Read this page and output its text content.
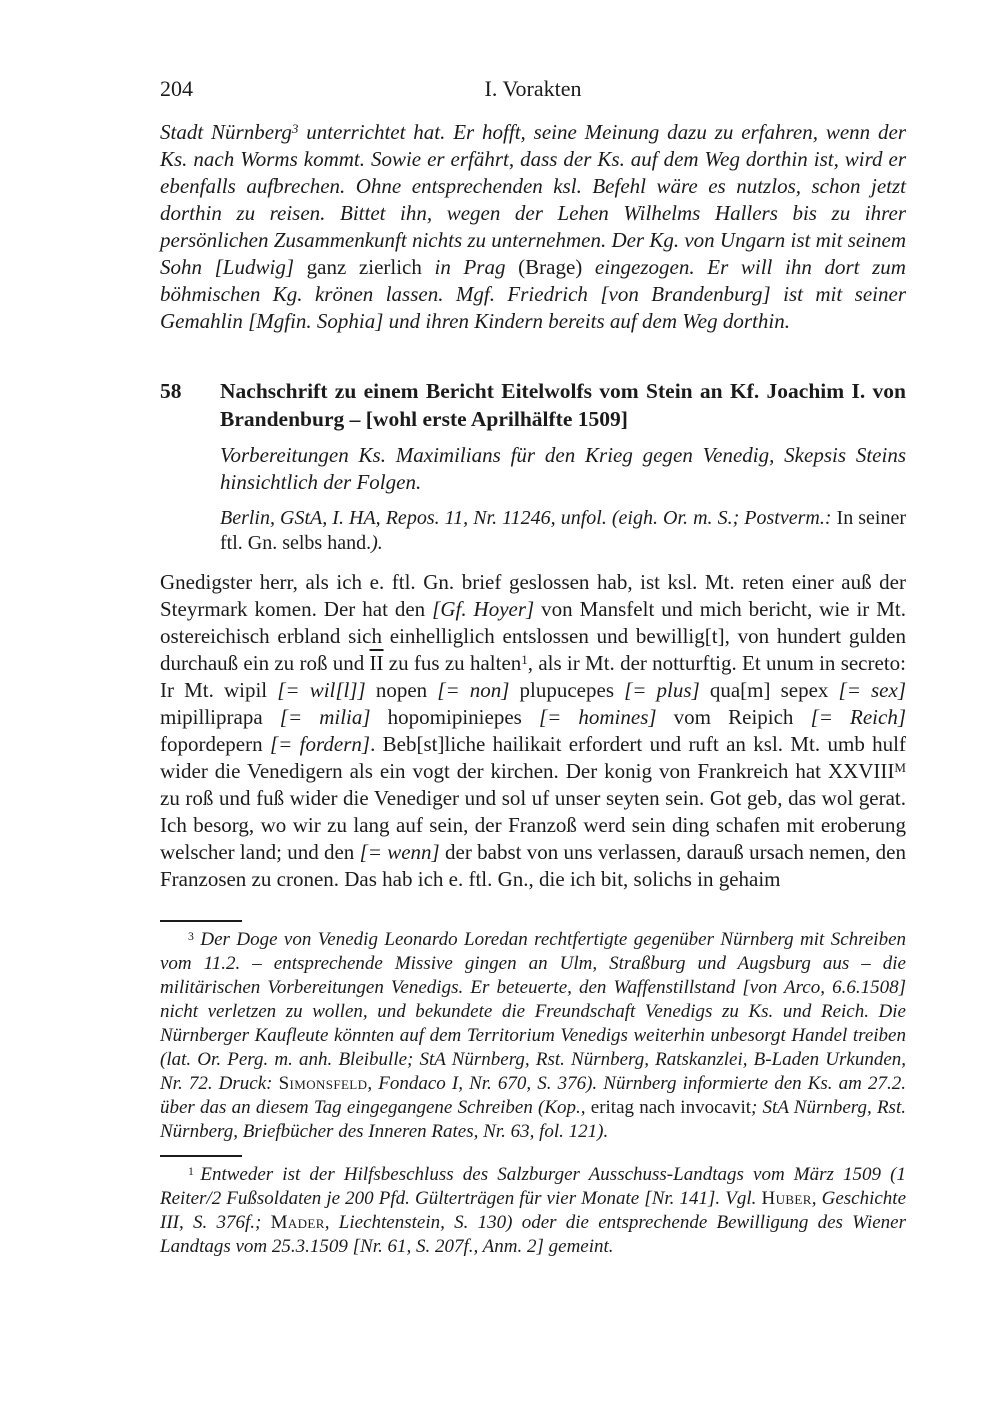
204	I. Vorakten

Stadt Nürnberg$^3$ unterrichtet hat. Er hofft, seine Meinung dazu zu erfahren, wenn der Ks. nach Worms kommt. Sowie er erfährt, dass der Ks. auf dem Weg dorthin ist, wird er ebenfalls aufbrechen. Ohne entsprechenden ksl. Befehl wäre es nutzlos, schon jetzt dorthin zu reisen. Bittet ihn, wegen der Lehen Wilhelms Hallers bis zu ihrer persönlichen Zusammenkunft nichts zu unternehmen. Der Kg. von Ungarn ist mit seinem Sohn [Ludwig] ganz zierlich in Prag (Brage) eingezogen. Er will ihn dort zum böhmischen Kg. krönen lassen. Mgf. Friedrich [von Brandenburg] ist mit seiner Gemahlin [Mgfin. Sophia] und ihren Kindern bereits auf dem Weg dorthin.

58	Nachschrift zu einem Bericht Eitelwolfs vom Stein an Kf. Joachim I. von Brandenburg – [wohl erste Aprilhälfte 1509]

Vorbereitungen Ks. Maximilians für den Krieg gegen Venedig, Skepsis Steins hinsichtlich der Folgen.

Berlin, GStA, I. HA, Repos. 11, Nr. 11246, unfol. (eigh. Or. m. S.; Postverm.: In seiner ftl. Gn. selbs hand.).

Gnedigster herr, als ich e. ftl. Gn. brief geslossen hab, ist ksl. Mt. reten einer auß der Steyrmark komen. Der hat den [Gf. Hoyer] von Mansfelt und mich bericht, wie ir Mt. ostereichisch erbland sich einhelliglich entslossen und bewillig[t], von hundert gulden durchauß ein zu roß und $\overline{II}$ zu fus zu halten$^1$, als ir Mt. der notturftig. Et unum in secreto: Ir Mt. wipil [= wil[l]] nopen [= non] plupucepes [= plus] qua[m] sepex [= sex] mipilliprapa [= milia] hopomipiniepes [= homines] vom Reipich [= Reich] fopordepern [= fordern]. Beb[st]liche hailikait erfordert und ruft an ksl. Mt. umb hulf wider die Venedigern als ein vogt der kirchen. Der konig von Frankreich hat $XXVIII^M$ zu roß und fuß wider die Venediger und sol uf unser seyten sein. Got geb, das wol gerat. Ich besorg, wo wir zu lang auf sein, der Franzoß werd sein ding schafen mit eroberung welscher land; und den [= wenn] der babst von uns verlassen, darauß ursach nemen, den Franzosen zu cronen. Das hab ich e. ftl. Gn., die ich bit, solichs in gehaim

$^3$ Der Doge von Venedig Leonardo Loredan rechtfertigte gegenüber Nürnberg mit Schreiben vom 11.2. – entsprechende Missive gingen an Ulm, Straßburg und Augsburg aus – die militärischen Vorbereitungen Venedigs. Er beteuerte, den Waffenstillstand [von Arco, 6.6.1508] nicht verletzen zu wollen, und bekundete die Freundschaft Venedigs zu Ks. und Reich. Die Nürnberger Kaufleute könnten auf dem Territorium Venedigs weiterhin unbesorgt Handel treiben (lat. Or. Perg. m. anh. Bleibulle; StA Nürnberg, Rst. Nürnberg, Ratskanzlei, B-Laden Urkunden, Nr. 72. Druck: Simonsfeld, Fondaco I, Nr. 670, S. 376). Nürnberg informierte den Ks. am 27.2. über das an diesem Tag eingegangene Schreiben (Kop., eritag nach invocavit; StA Nürnberg, Rst. Nürnberg, Briefbücher des Inneren Rates, Nr. 63, fol. 121).

$^1$ Entweder ist der Hilfsbeschluss des Salzburger Ausschuss-Landtags vom März 1509 (1 Reiter/2 Fußsoldaten je 200 Pfd. Gülterträgen für vier Monate [Nr. 141]. Vgl. Huber, Geschichte III, S. 376f.; Mader, Liechtenstein, S. 130) oder die entsprechende Bewilligung des Wiener Landtags vom 25.3.1509 [Nr. 61, S. 207f., Anm. 2] gemeint.
